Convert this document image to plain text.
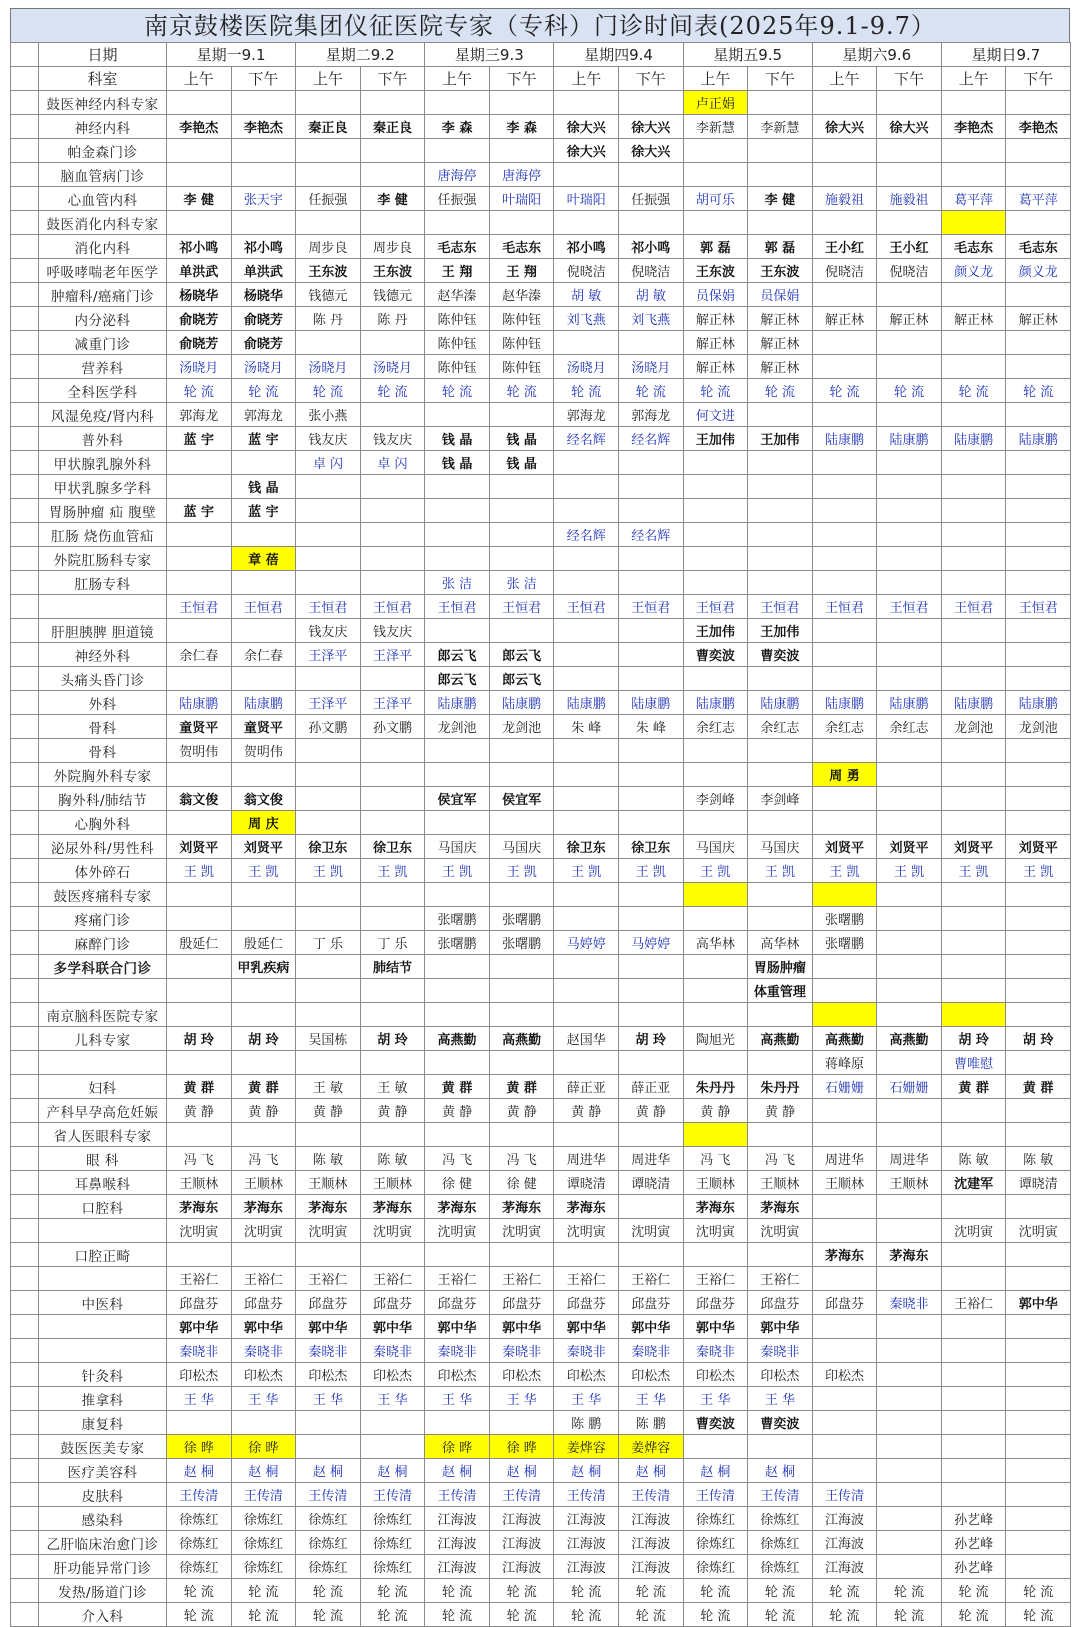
南京鼓楼医院集团仪征医院专家（专科）门诊时间表(2025年9.1-9.7）
	日期	星期一9.1		星期二9.2		星期三9.3		星期四9.4		星期五9.5		星期六9.6		星期日9.7	
	科室	上午	下午	上午	下午	上午	下午	上午	下午	上午	下午	上午	下午	上午	下午
	鼓医神经内科专家									卢正娟					
	神经内科	李艳杰	李艳杰	秦正良	秦正良	李 森	李 森	徐大兴	徐大兴	李新慧	李新慧	徐大兴	徐大兴	李艳杰	李艳杰
	帕金森门诊							徐大兴	徐大兴						
	脑血管病门诊					唐海停	唐海停								
	心血管内科	李 健	张天宇	任振强	李 健	任振强	叶瑞阳	叶瑞阳	任振强	胡可乐	李 健	施毅祖	施毅祖	葛平萍	葛平萍
	鼓医消化内科专家														
	消化内科	祁小鸣	祁小鸣	周步良	周步良	毛志东	毛志东	祁小鸣	祁小鸣	郭 磊	郭 磊	王小红	王小红	毛志东	毛志东
	呼吸哮喘老年医学	单洪武	单洪武	王东波	王东波	王 翔	王 翔	倪晓洁	倪晓洁	王东波	王东波	倪晓洁	倪晓洁	颜义龙	颜义龙
	肿瘤科/癌痛门诊	杨晓华	杨晓华	钱德元	钱德元	赵华溱	赵华溱	胡 敏	胡 敏	员保娟	员保娟				
	内分泌科	俞晓芳	俞晓芳	陈 丹	陈 丹	陈仲钰	陈仲钰	刘飞燕	刘飞燕	解正林	解正林	解正林	解正林	解正林	解正林
	减重门诊	俞晓芳	俞晓芳			陈仲钰	陈仲钰			解正林	解正林				
	营养科	汤晓月	汤晓月	汤晓月	汤晓月	陈仲钰	陈仲钰	汤晓月	汤晓月	解正林	解正林				
	全科医学科	轮 流	轮 流	轮 流	轮 流	轮 流	轮 流	轮 流	轮 流	轮 流	轮 流	轮 流	轮 流	轮 流	轮 流
	风湿免疫/肾内科	郭海龙	郭海龙	张小燕				郭海龙	郭海龙	何文进					
	普外科	蓝 宇	蓝 宇	钱友庆	钱友庆	钱 晶	钱 晶	经名辉	经名辉	王加伟	王加伟	陆康鹏	陆康鹏	陆康鹏	陆康鹏
	甲状腺乳腺外科			卓 闪	卓 闪	钱 晶	钱 晶								
	甲状乳腺多学科		钱 晶												
	胃肠肿瘤 疝 腹壁	蓝 宇	蓝 宇												
	肛肠 烧伤血管疝							经名辉	经名辉						
	外院肛肠科专家		章 蓓												
	肛肠专科					张 洁	张 洁								
		王恒君	王恒君	王恒君	王恒君	王恒君	王恒君	王恒君	王恒君	王恒君	王恒君	王恒君	王恒君	王恒君	王恒君
	肝胆胰脾 胆道镜			钱友庆	钱友庆					王加伟	王加伟				
	神经外科	余仁春	余仁春	王泽平	王泽平	郎云飞	郎云飞			曹奕波	曹奕波				
	头痛头昏门诊					郎云飞	郎云飞								
	外科	陆康鹏	陆康鹏	王泽平	王泽平	陆康鹏	陆康鹏	陆康鹏	陆康鹏	陆康鹏	陆康鹏	陆康鹏	陆康鹏	陆康鹏	陆康鹏
	骨科	童贤平	童贤平	孙文鹏	孙文鹏	龙剑池	龙剑池	朱 峰	朱 峰	余红志	余红志	余红志	余红志	龙剑池	龙剑池
	骨科	贺明伟	贺明伟												
	外院胸外科专家											周 勇			
	胸外科/肺结节	翁文俊	翁文俊			侯宜军	侯宜军			李剑峰	李剑峰				
	心胸外科		周 庆												
	泌尿外科/男性科	刘贤平	刘贤平	徐卫东	徐卫东	马国庆	马国庆	徐卫东	徐卫东	马国庆	马国庆	刘贤平	刘贤平	刘贤平	刘贤平
	体外碎石	王 凯	王 凯	王 凯	王 凯	王 凯	王 凯	王 凯	王 凯	王 凯	王 凯	王 凯	王 凯	王 凯	王 凯
	鼓医疼痛科专家														
	疼痛门诊					张曙鹏	张曙鹏					张曙鹏			
	麻醉门诊	殷延仁	殷延仁	丁 乐	丁 乐	张曙鹏	张曙鹏	马婷婷	马婷婷	高华林	高华林	张曙鹏			
	多学科联合门诊		甲乳疾病		肺结节						胃肠肿瘤				
											体重管理				
	南京脑科医院专家														
	儿科专家	胡 玲	胡 玲	吴国栋	胡 玲	高燕勤	高燕勤	赵国华	胡 玲	陶旭光	高燕勤	高燕勤	高燕勤	胡 玲	胡 玲
												蒋峰原		曹唯慰	
	妇科	黄 群	黄 群	王 敏	王 敏	黄 群	黄 群	薛正亚	薛正亚	朱丹丹	朱丹丹	石姗姗	石姗姗	黄 群	黄 群
	产科早孕高危妊娠	黄 静	黄 静	黄 静	黄 静	黄 静	黄 静	黄 静	黄 静	黄 静	黄 静				
	省人医眼科专家														
	眼 科	冯 飞	冯 飞	陈 敏	陈 敏	冯 飞	冯 飞	周进华	周进华	冯 飞	冯 飞	周进华	周进华	陈 敏	陈 敏
	耳鼻喉科	王顺林	王顺林	王顺林	王顺林	徐 健	徐 健	谭晓清	谭晓清	王顺林	王顺林	王顺林	王顺林	沈建军	谭晓清
	口腔科	茅海东	茅海东	茅海东	茅海东	茅海东	茅海东	茅海东		茅海东	茅海东				
		沈明寅	沈明寅	沈明寅	沈明寅	沈明寅	沈明寅	沈明寅	沈明寅	沈明寅	沈明寅			沈明寅	沈明寅
	口腔正畸											茅海东	茅海东		
		王裕仁	王裕仁	王裕仁	王裕仁	王裕仁	王裕仁	王裕仁	王裕仁	王裕仁	王裕仁				
	中医科	邱盘芬	邱盘芬	邱盘芬	邱盘芬	邱盘芬	邱盘芬	邱盘芬	邱盘芬	邱盘芬	邱盘芬	邱盘芬	秦晓非	王裕仁	郭中华
		郭中华	郭中华	郭中华	郭中华	郭中华	郭中华	郭中华	郭中华	郭中华	郭中华				
		秦晓非	秦晓非	秦晓非	秦晓非	秦晓非	秦晓非	秦晓非	秦晓非	秦晓非	秦晓非				
	针灸科	印松杰	印松杰	印松杰	印松杰	印松杰	印松杰	印松杰	印松杰	印松杰	印松杰	印松杰			
	推拿科	王 华	王 华	王 华	王 华	王 华	王 华	王 华	王 华	王 华	王 华				
	康复科							陈 鹏	陈 鹏	曹奕波	曹奕波				
	鼓医医美专家	徐 晔	徐 晔			徐 晔	徐 晔	姜烨容	姜烨容						
	医疗美容科	赵 桐	赵 桐	赵 桐	赵 桐	赵 桐	赵 桐	赵 桐	赵 桐	赵 桐	赵 桐				
	皮肤科	王传清	王传清	王传清	王传清	王传清	王传清	王传清	王传清	王传清	王传清	王传清			
	感染科	徐炼红	徐炼红	徐炼红	徐炼红	江海波	江海波	江海波	江海波	徐炼红	徐炼红	江海波		孙艺峰	
	乙肝临床治愈门诊	徐炼红	徐炼红	徐炼红	徐炼红	江海波	江海波	江海波	江海波	徐炼红	徐炼红	江海波		孙艺峰	
	肝功能异常门诊	徐炼红	徐炼红	徐炼红	徐炼红	江海波	江海波	江海波	江海波	徐炼红	徐炼红	江海波		孙艺峰	
	发热/肠道门诊	轮 流	轮 流	轮 流	轮 流	轮 流	轮 流	轮 流	轮 流	轮 流	轮 流	轮 流	轮 流	轮 流	轮 流
	介入科	轮 流	轮 流	轮 流	轮 流	轮 流	轮 流	轮 流	轮 流	轮 流	轮 流	轮 流	轮 流	轮 流	轮 流
